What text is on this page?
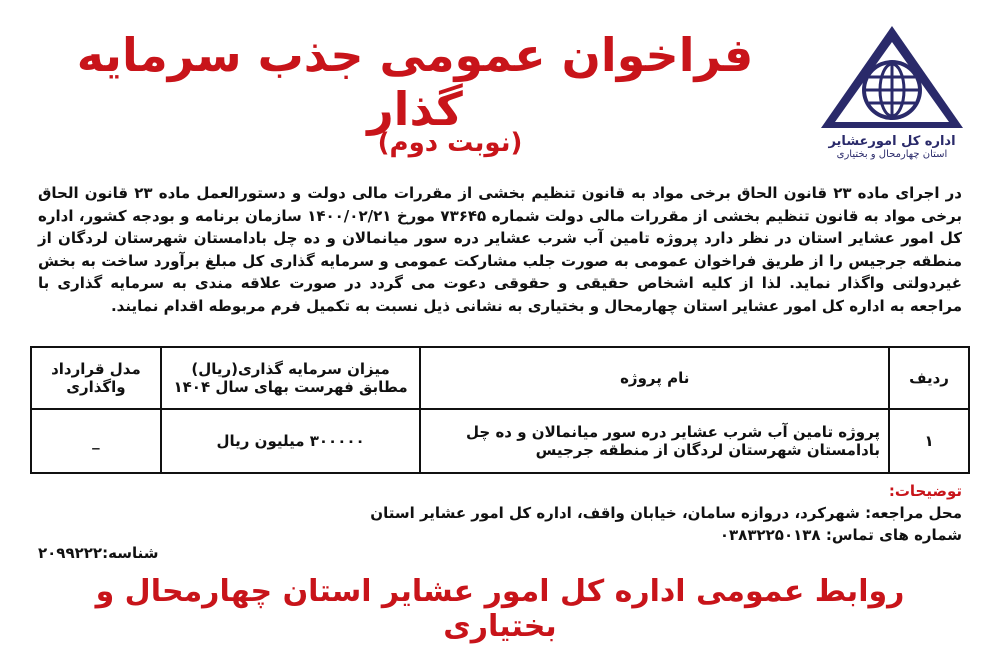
اداره کل امورعشایر
استان چهارمحال و بختیاری
فراخوان عمومی جذب سرمایه گذار
(نوبت دوم)
در اجرای ماده ۲۳ قانون الحاق برخی مواد به قانون تنظیم بخشی از مقررات مالی دولت و دستورالعمل ماده ۲۳ قانون الحاق برخی مواد به قانون تنظیم بخشی از مقررات مالی دولت شماره ۷۳۶۴۵ مورخ ۱۴۰۰/۰۲/۲۱ سازمان برنامه و بودجه کشور، اداره کل امور عشایر استان در نظر دارد پروژه تامین آب شرب عشایر دره سور میانمالان و ده چل بادامستان شهرستان لردگان از منطقه جرجیس را از طریق فراخوان عمومی به صورت جلب مشارکت عمومی و سرمایه گذاری کل مبلغ برآورد ساخت به بخش غیردولتی واگذار نماید. لذا از کلیه اشخاص حقیقی و حقوقی دعوت می گردد در صورت علاقه مندی به سرمایه گذاری با مراجعه به اداره کل امور عشایر استان چهارمحال و بختیاری به نشانی ذیل نسبت به تکمیل فرم مربوطه اقدام نمایند.
ردیف	نام پروژه	میزان سرمایه گذاری(ریال) مطابق فهرست بهای سال ۱۴۰۴	مدل قرارداد واگذاری
۱	پروژه تامین آب شرب عشایر دره سور میانمالان و ده چل بادامستان شهرستان لردگان از منطقه جرجیس	۳۰۰۰۰۰ میلیون ریال	_
توضیحات:
محل مراجعه: شهرکرد، دروازه سامان، خیابان واقف، اداره کل امور عشایر استان
شماره های تماس: ۰۳۸۳۲۲۵۰۱۳۸
شناسه:۲۰۹۹۲۲۲
روابط عمومی اداره کل امور عشایر استان چهارمحال و بختیاری
